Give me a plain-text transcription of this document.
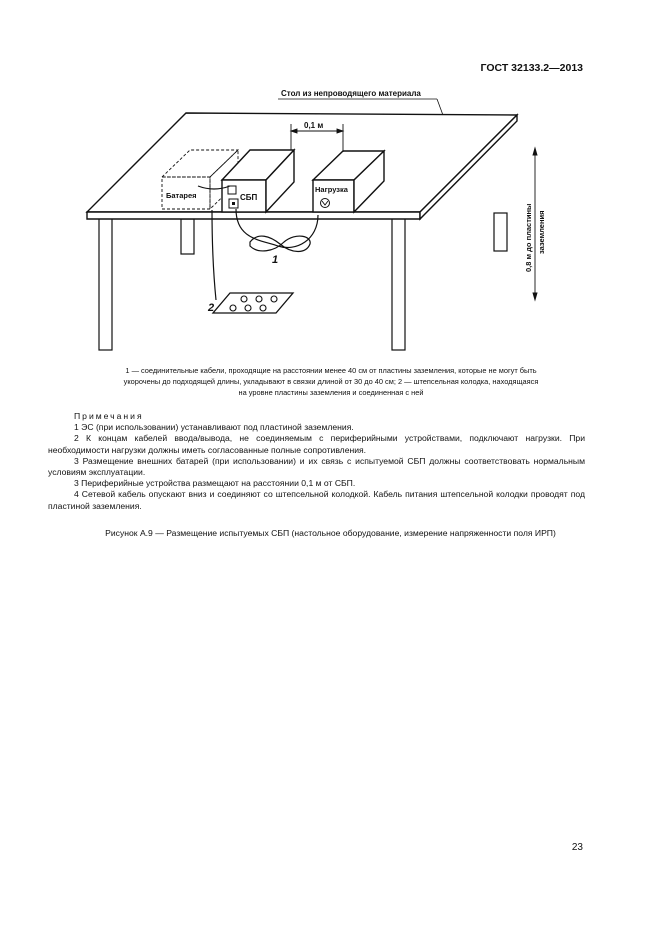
ГОСТ 32133.2—2013
Стол из непроводящего материала
Батарея	СБП
Нагрузка
0,1 м
1
2
0,8 м до пластины заземления
1 — соединительные кабели, проходящие на расстоянии менее 40 см от пластины заземления, которые не могут быть
укорочены до подходящей длины, укладывают в связки длиной от 30 до 40 см; 2 — штепсельная колодка, находящаяся
на уровне пластины заземления и соединенная с ней
Примечания

1 ЭС (при использовании) устанавливают под пластиной заземления.

2 К концам кабелей ввода/вывода, не соединяемым с периферийными устройствами, подключают нагрузки. При необходимости нагрузки должны иметь согласованные полные сопротивления.

3 Размещение внешних батарей (при использовании) и их связь с испытуемой СБП должны соответствовать нормальным условиям эксплуатации.

3 Периферийные устройства размещают на расстоянии 0,1 м от СБП.

4 Сетевой кабель опускают вниз и соединяют со штепсельной колодкой. Кабель питания штепсельной колодки проводят под пластиной заземления.

Рисунок А.9 — Размещение испытуемых СБП (настольное оборудование, измерение напряженности поля ИРП)
23
